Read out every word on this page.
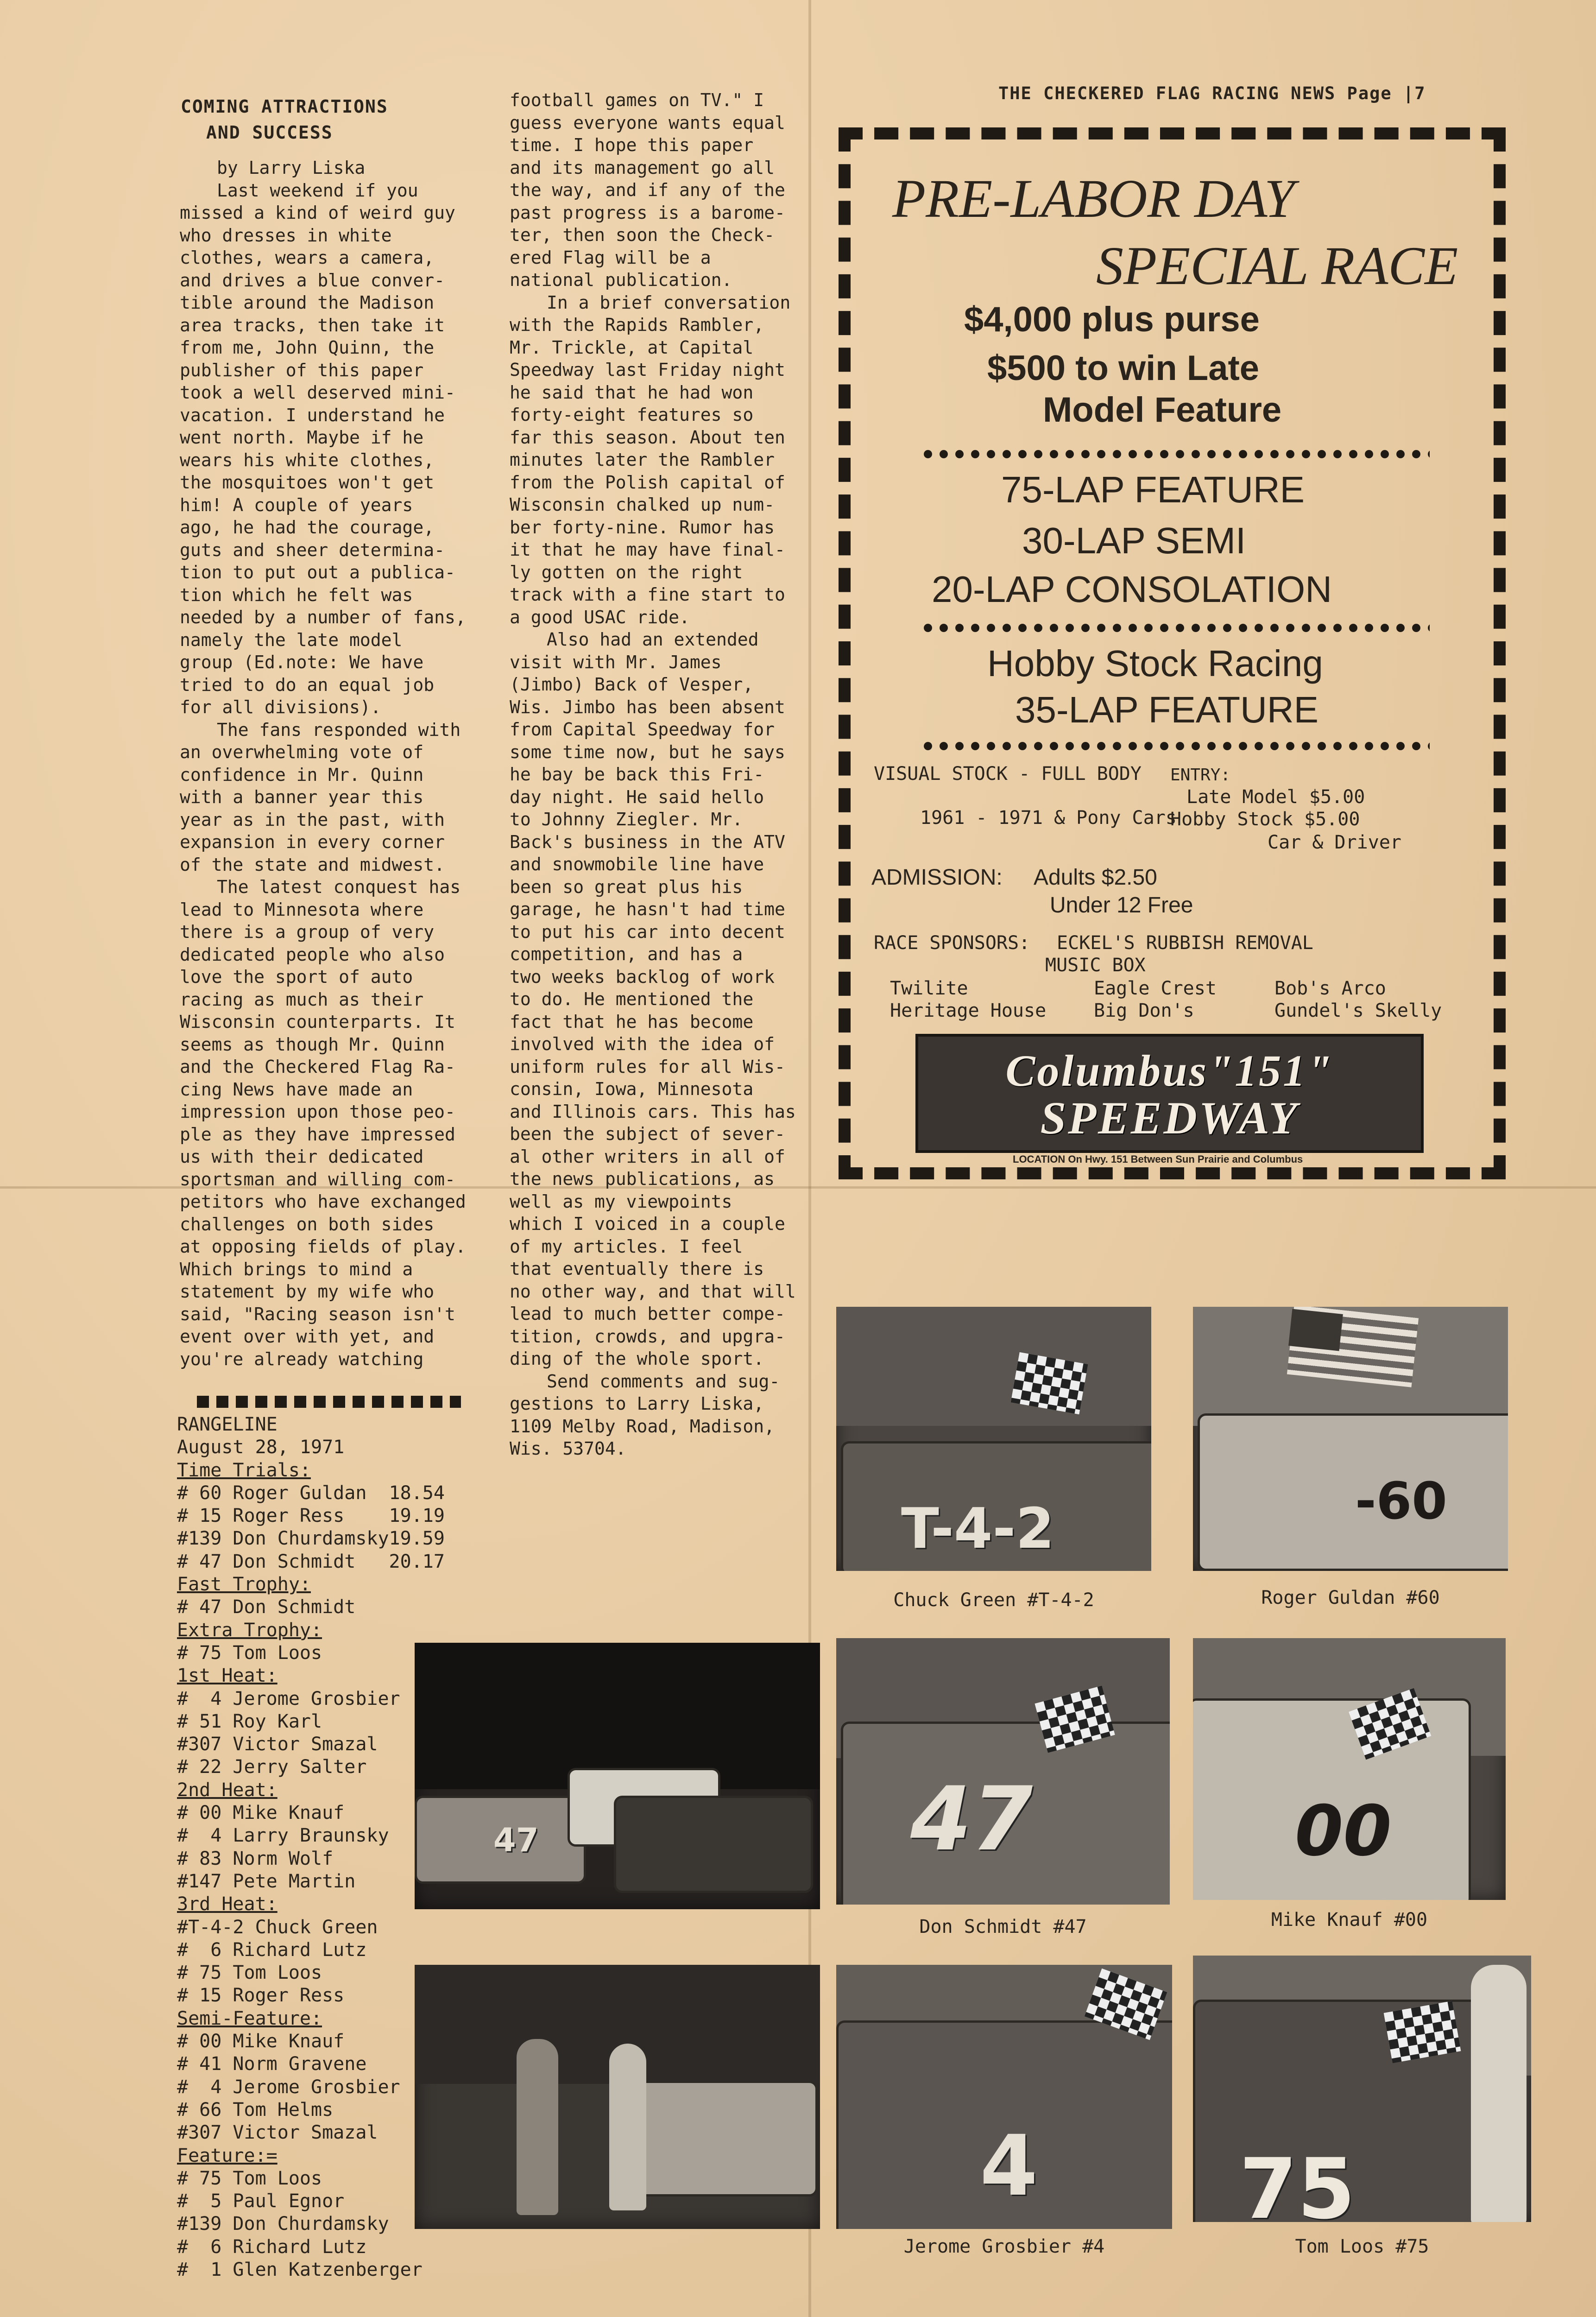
THE CHECKERED FLAG RACING NEWS Page |7
COMING ATTRACTIONS
AND SUCCESS

by Larry Liska

Last weekend if you

missed a kind of weird guy

who dresses in white

clothes, wears a camera,

and drives a blue conver-

tible around the Madison

area tracks, then take it

from me, John Quinn, the

publisher of this paper

took a well deserved mini-

vacation. I understand he

went north. Maybe if he

wears his white clothes,

the mosquitoes won't get

him! A couple of years

ago, he had the courage,

guts and sheer determina-

tion to put out a publica-

tion which he felt was

needed by a number of fans,

namely the late model

group (Ed.note: We have

tried to do an equal job

for all divisions).

The fans responded with

an overwhelming vote of

confidence in Mr. Quinn

with a banner year this

year as in the past, with

expansion in every corner

of the state and midwest.

The latest conquest has

lead to Minnesota where

there is a group of very

dedicated people who also

love the sport of auto

racing as much as their

Wisconsin counterparts. It

seems as though Mr. Quinn

and the Checkered Flag Ra-

cing News have made an

impression upon those peo-

ple as they have impressed

us with their dedicated

sportsman and willing com-

petitors who have exchanged

challenges on both sides

at opposing fields of play.

Which brings to mind a

statement by my wife who

said, "Racing season isn't

event over with yet, and

you're already watching

football games on TV." I

guess everyone wants equal

time. I hope this paper

and its management go all

the way, and if any of the

past progress is a barome-

ter, then soon the Check-

ered Flag will be a

national publication.

In a brief conversation

with the Rapids Rambler,

Mr. Trickle, at Capital

Speedway last Friday night

he said that he had won

forty-eight features so

far this season. About ten

minutes later the Rambler

from the Polish capital of

Wisconsin chalked up num-

ber forty-nine. Rumor has

it that he may have final-

ly gotten on the right

track with a fine start to

a good USAC ride.

Also had an extended

visit with Mr. James

(Jimbo) Back of Vesper,

Wis. Jimbo has been absent

from Capital Speedway for

some time now, but he says

he bay be back this Fri-

day night. He said hello

to Johnny Ziegler. Mr.

Back's business in the ATV

and snowmobile line have

been so great plus his

garage, he hasn't had time

to put his car into decent

competition, and has a

two weeks backlog of work

to do. He mentioned the

fact that he has become

involved with the idea of

uniform rules for all Wis-

consin, Iowa, Minnesota

and Illinois cars. This has

been the subject of sever-

al other writers in all of

the news publications, as

well as my viewpoints

which I voiced in a couple

of my articles. I feel

that eventually there is

no other way, and that will

lead to much better compe-

tition, crowds, and upgra-

ding of the whole sport.

Send comments and sug-

gestions to Larry Liska,

1109 Melby Road, Madison,

Wis. 53704.

RANGELINE
August 28, 1971
Time Trials:
# 60 Roger Guldan  18.54
# 15 Roger Ress    19.19
#139 Don Churdamsky19.59
# 47 Don Schmidt   20.17
Fast Trophy:
# 47 Don Schmidt
Extra Trophy:
# 75 Tom Loos
1st Heat:
#  4 Jerome Grosbier
# 51 Roy Karl
#307 Victor Smazal
# 22 Jerry Salter
2nd Heat:
# 00 Mike Knauf
#  4 Larry Braunsky
# 83 Norm Wolf
#147 Pete Martin
3rd Heat:
#T-4-2 Chuck Green
#  6 Richard Lutz
# 75 Tom Loos
# 15 Roger Ress
Semi-Feature:
# 00 Mike Knauf
# 41 Norm Gravene
#  4 Jerome Grosbier
# 66 Tom Helms
#307 Victor Smazal
Feature:=
# 75 Tom Loos
#  5 Paul Egnor
#139 Don Churdamsky
#  6 Richard Lutz
#  1 Glen Katzenberger
PRE-LABOR DAY
SPECIAL RACE
$4,000 plus purse
$500 to win Late
Model Feature
75-LAP FEATURE
30-LAP SEMI
20-LAP CONSOLATION
Hobby Stock Racing
35-LAP FEATURE
VISUAL STOCK - FULL BODY
1961 - 1971 & Pony Cars
ENTRY:
Late Model $5.00
Hobby Stock $5.00
Car & Driver
ADMISSION: Adults $2.50
Under 12 Free
RACE SPONSORS: ECKEL'S RUBBISH REMOVAL
MUSIC BOX
Twilite	Eagle Crest	Bob's Arco
Heritage House	Big Don's	Gundel's Skelly
Columbus"151"
SPEEDWAY
LOCATION On Hwy. 151 Between Sun Prairie and Columbus
T-4-2
Chuck Green #T-4-2
-60
Roger Guldan #60
47	47
Don Schmidt #47
00
Mike Knauf #00
4
Jerome Grosbier #4
75
Tom Loos #75
